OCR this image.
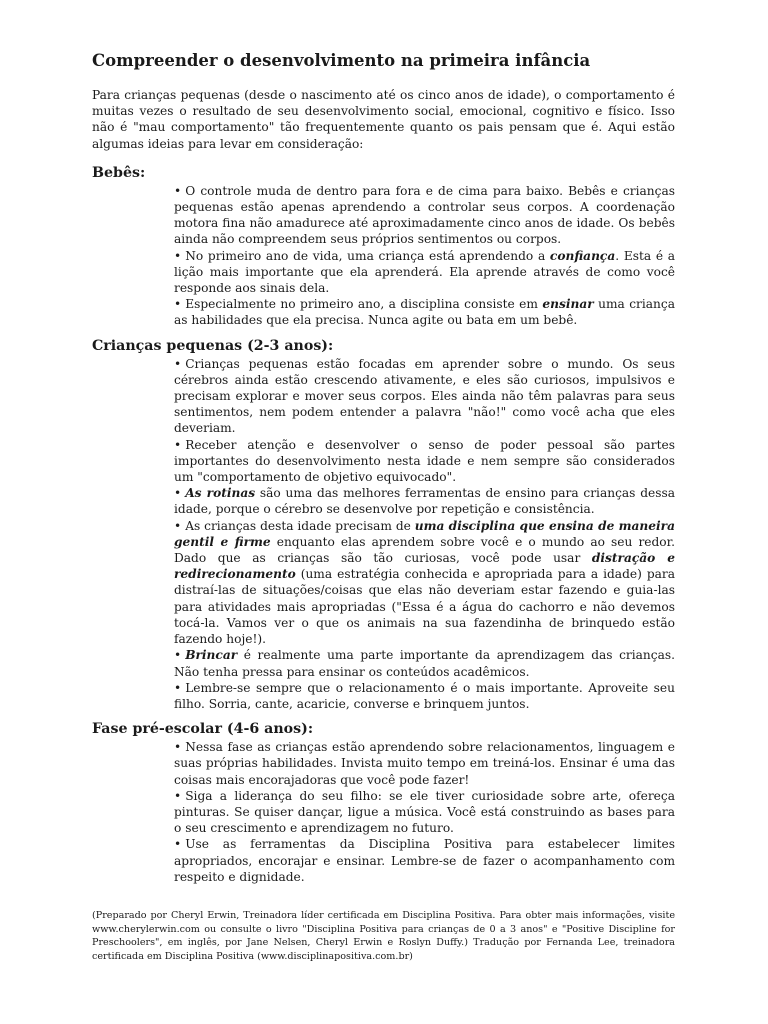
Compreender o desenvolvimento na primeira infância

Para crianças pequenas (desde o nascimento até os cinco anos de idade), o comportamento é muitas vezes o resultado de seu desenvolvimento social, emocional, cognitivo e físico. Isso não é "mau comportamento" tão frequentemente quanto os pais pensam que é. Aqui estão algumas ideias para levar em consideração:

Bebês:
• O controle muda de dentro para fora e de cima para baixo. Bebês e crianças pequenas estão apenas aprendendo a controlar seus corpos. A coordenação motora fina não amadurece até aproximadamente cinco anos de idade. Os bebês ainda não compreendem seus próprios sentimentos ou corpos.
• No primeiro ano de vida, uma criança está aprendendo a confiança. Esta é a lição mais importante que ela aprenderá. Ela aprende através de como você responde aos sinais dela.
• Especialmente no primeiro ano, a disciplina consiste em ensinar uma criança as habilidades que ela precisa. Nunca agite ou bata em um bebê.
Crianças pequenas (2-3 anos):
• Crianças pequenas estão focadas em aprender sobre o mundo. Os seus cérebros ainda estão crescendo ativamente, e eles são curiosos, impulsivos e precisam explorar e mover seus corpos. Eles ainda não têm palavras para seus sentimentos, nem podem entender a palavra "não!" como você acha que eles deveriam.
• Receber atenção e desenvolver o senso de poder pessoal são partes importantes do desenvolvimento nesta idade e nem sempre são considerados um "comportamento de objetivo equivocado".
• As rotinas são uma das melhores ferramentas de ensino para crianças dessa idade, porque o cérebro se desenvolve por repetição e consistência.
• As crianças desta idade precisam de uma disciplina que ensina de maneira gentil e firme enquanto elas aprendem sobre você e o mundo ao seu redor. Dado que as crianças são tão curiosas, você pode usar distração e redirecionamento (uma estratégia conhecida e apropriada para a idade) para distraí-las de situações/coisas que elas não deveriam estar fazendo e guia-las para atividades mais apropriadas ("Essa é a água do cachorro e não devemos tocá-la. Vamos ver o que os animais na sua fazendinha de brinquedo estão fazendo hoje!).
• Brincar é realmente uma parte importante da aprendizagem das crianças. Não tenha pressa para ensinar os conteúdos acadêmicos.
• Lembre-se sempre que o relacionamento é o mais importante. Aproveite seu filho. Sorria, cante, acaricie, converse e brinquem juntos.
Fase pré-escolar (4-6 anos):
• Nessa fase as crianças estão aprendendo sobre relacionamentos, linguagem e suas próprias habilidades. Invista muito tempo em treiná-los. Ensinar é uma das coisas mais encorajadoras que você pode fazer!
• Siga a liderança do seu filho: se ele tiver curiosidade sobre arte, ofereça pinturas. Se quiser dançar, ligue a música. Você está construindo as bases para o seu crescimento e aprendizagem no futuro.
• Use as ferramentas da Disciplina Positiva para estabelecer limites apropriados, encorajar e ensinar. Lembre-se de fazer o acompanhamento com respeito e dignidade.
(Preparado por Cheryl Erwin, Treinadora líder certificada em Disciplina Positiva. Para obter mais informações, visite www.cherylerwin.com ou consulte o livro "Disciplina Positiva para crianças de 0 a 3 anos" e "Positive Discipline for Preschoolers", em inglês, por Jane Nelsen, Cheryl Erwin e Roslyn Duffy.) Tradução por Fernanda Lee, treinadora certificada em Disciplina Positiva (www.disciplinapositiva.com.br)
